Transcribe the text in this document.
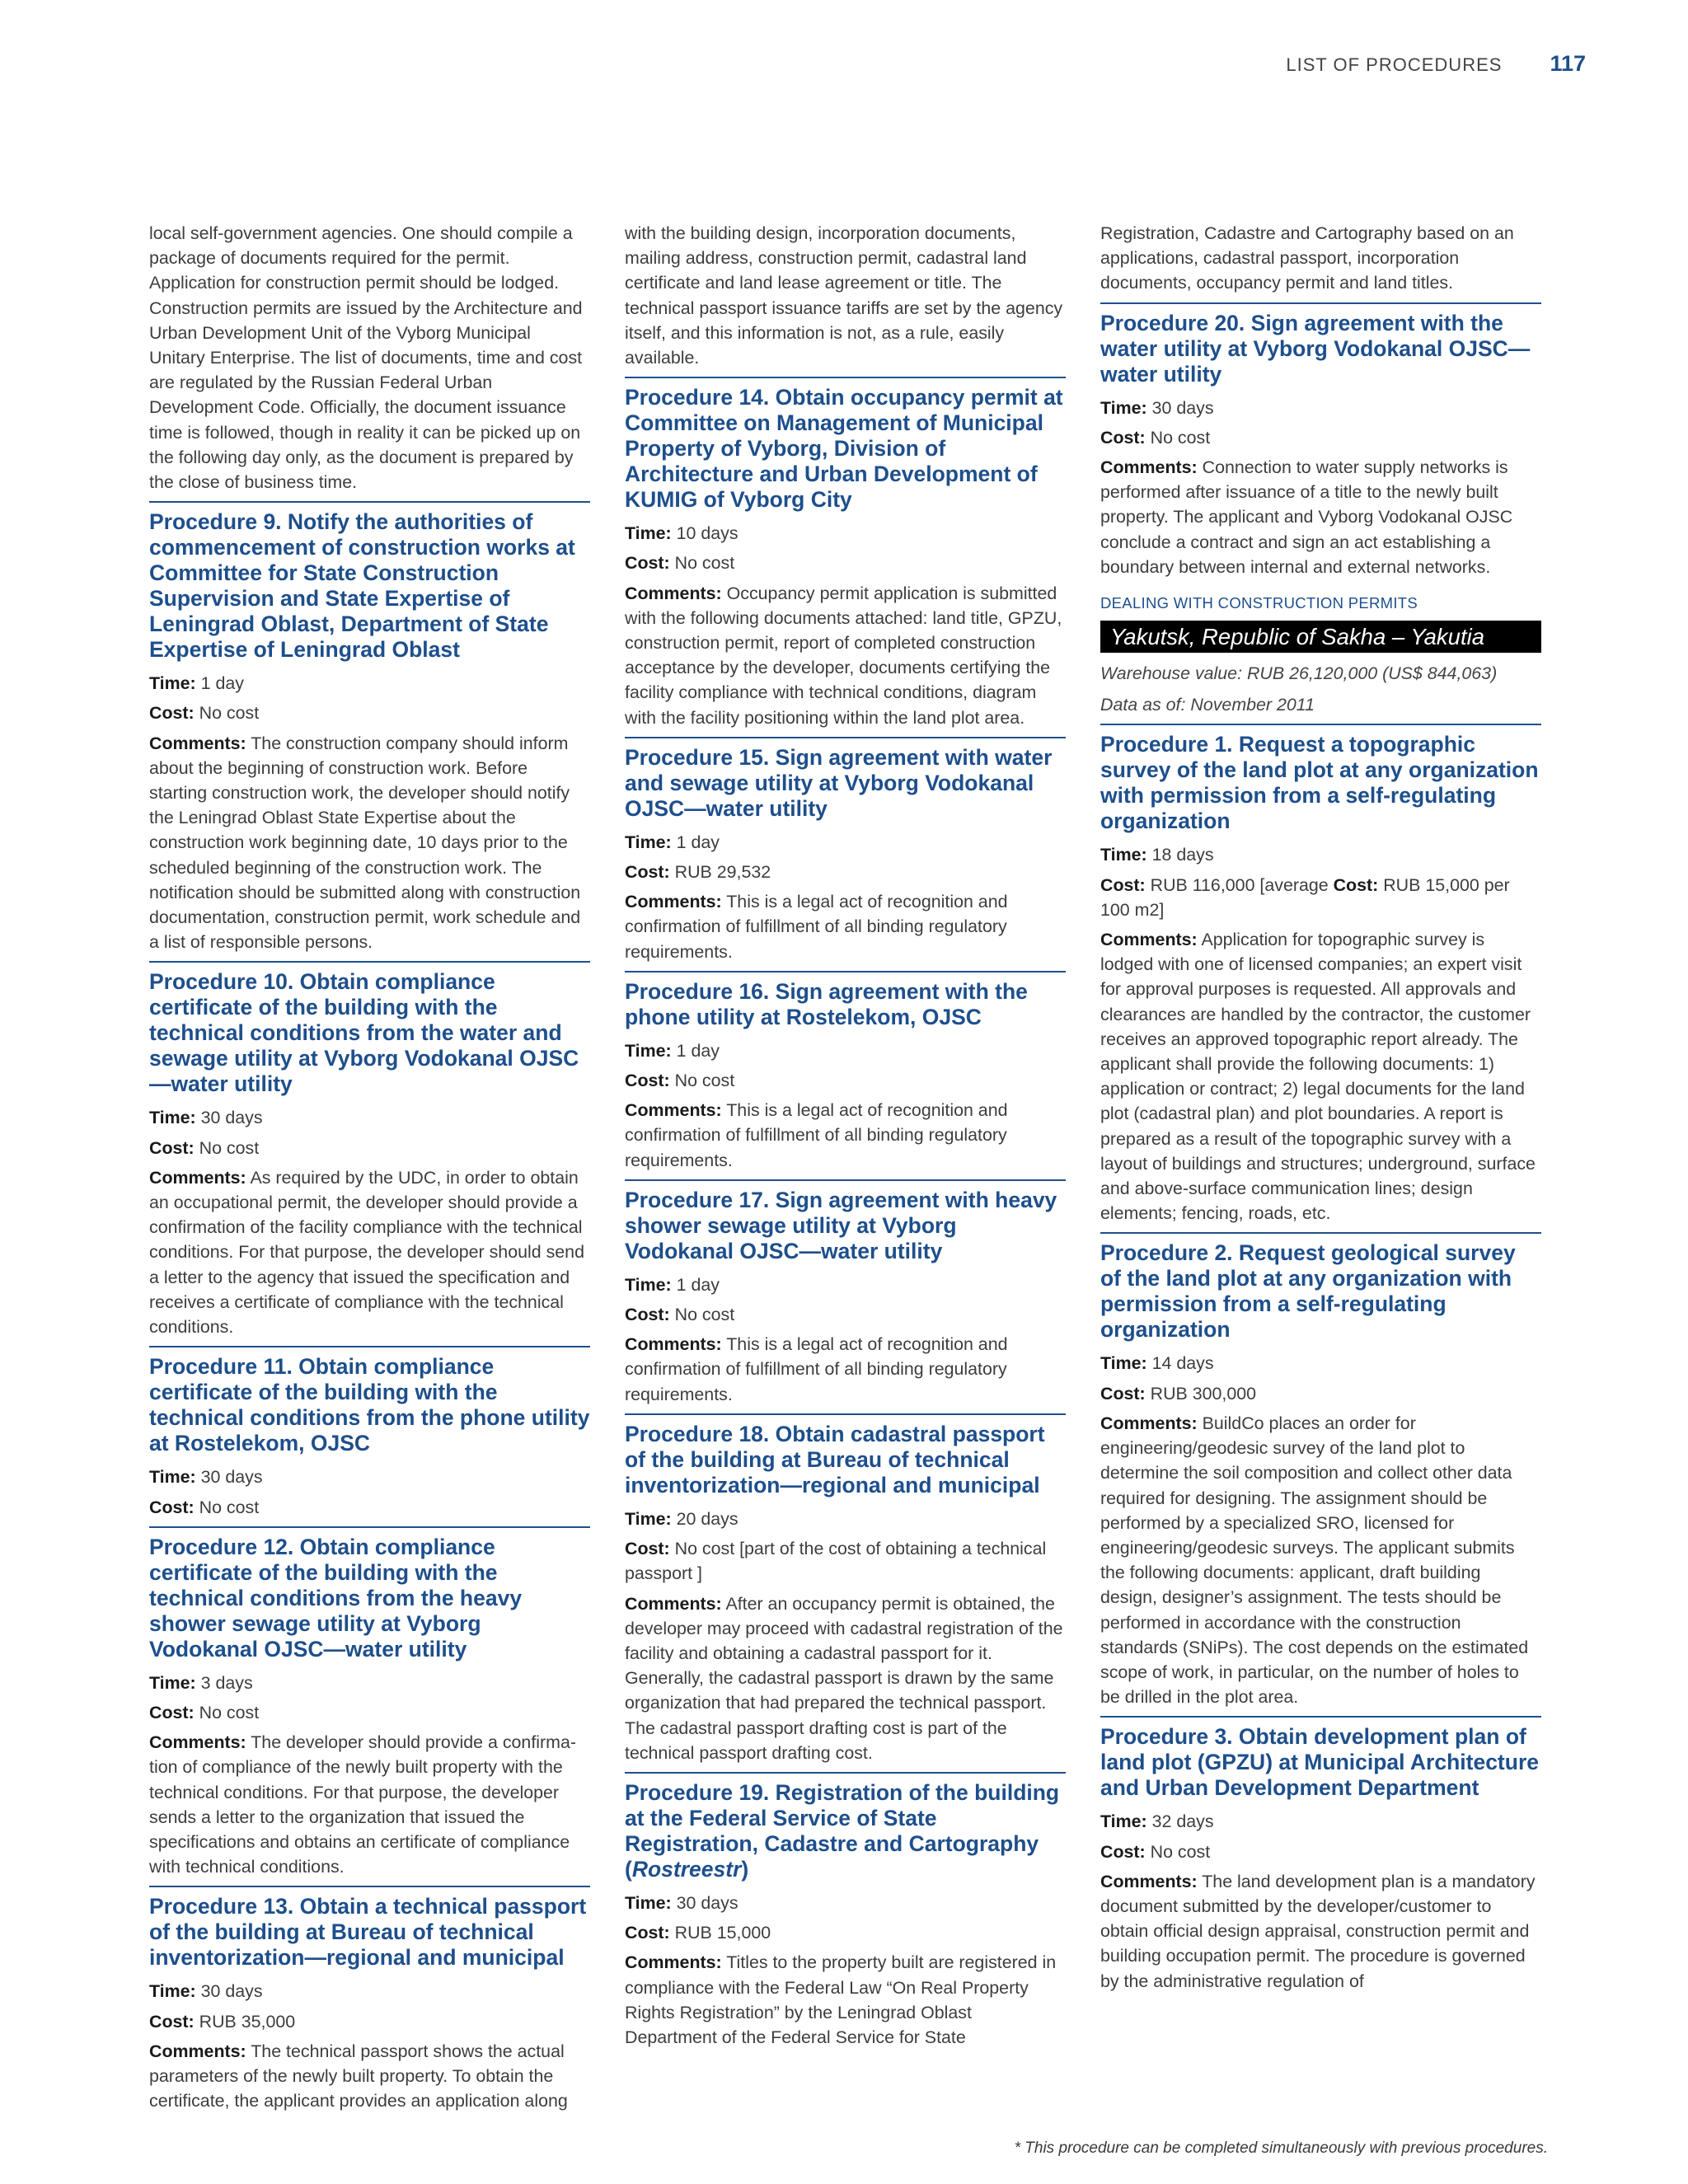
LIST OF PROCEDURES 117

local self-government agencies. One should compile a package of documents required for the permit. Application for construction permit should be lodged. Construction permits are issued by the Architecture and Urban Development Unit of the Vyborg Municipal Unitary Enterprise. The list of documents, time and cost are regulated by the Russian Federal Urban Development Code. Officially, the document issuance time is followed, though in reality it can be picked up on the following day only, as the document is prepared by the close of business time.

Procedure 9. Notify the authorities of commencement of construction works at Committee for State Construction Supervision and State Expertise of Leningrad Oblast, Department of State Expertise of Leningrad Oblast

Time: 1 day

Cost: No cost

Comments: The construction company should inform about the beginning of construction work. Before starting construction work, the developer should notify the Leningrad Oblast State Expertise about the construction work beginning date, 10 days prior to the scheduled beginning of the construction work. The notification should be submitted along with construction documentation, construction permit, work schedule and a list of responsible persons.

Procedure 10. Obtain compliance certificate of the building with the technical conditions from the water and sewage utility at Vyborg Vodokanal OJSC—water utility

Time: 30 days

Cost: No cost

Comments: As required by the UDC, in order to obtain an occupational permit, the developer should provide a confirmation of the facility compliance with the technical conditions. For that purpose, the developer should send a letter to the agency that issued the specification and receives a certificate of compliance with the technical conditions.

Procedure 11. Obtain compliance certificate of the building with the technical conditions from the phone utility at Rostelekom, OJSC

Time: 30 days

Cost: No cost

Procedure 12. Obtain compliance certificate of the building with the technical conditions from the heavy shower sewage utility at Vyborg Vodokanal OJSC—water utility

Time: 3 days

Cost: No cost

Comments: The developer should provide a confirmation of compliance of the newly built property with the technical conditions. For that purpose, the developer sends a letter to the organization that issued the specifications and obtains an certificate of compliance with technical conditions.

Procedure 13. Obtain a technical passport of the building at Bureau of technical inventorization—regional and municipal

Time: 30 days

Cost: RUB 35,000

Comments: The technical passport shows the actual parameters of the newly built property. To obtain the certificate, the applicant provides an application along

with the building design, incorporation documents, mailing address, construction permit, cadastral land certificate and land lease agreement or title. The technical passport issuance tariffs are set by the agency itself, and this information is not, as a rule, easily available.

Procedure 14. Obtain occupancy permit at Committee on Management of Municipal Property of Vyborg, Division of Architecture and Urban Development of KUMIG of Vyborg City

Time: 10 days

Cost: No cost

Comments: Occupancy permit application is submitted with the following documents attached: land title, GPZU, construction permit, report of completed construction acceptance by the developer, documents certifying the facility compliance with technical conditions, diagram with the facility positioning within the land plot area.

Procedure 15. Sign agreement with water and sewage utility at Vyborg Vodokanal OJSC—water utility

Time: 1 day

Cost: RUB 29,532

Comments: This is a legal act of recognition and confirmation of fulfillment of all binding regulatory requirements.

Procedure 16. Sign agreement with the phone utility at Rostelekom, OJSC

Time: 1 day

Cost: No cost

Comments: This is a legal act of recognition and confirmation of fulfillment of all binding regulatory requirements.

Procedure 17. Sign agreement with heavy shower sewage utility at Vyborg Vodokanal OJSC—water utility

Time: 1 day

Cost: No cost

Comments: This is a legal act of recognition and confirmation of fulfillment of all binding regulatory requirements.

Procedure 18. Obtain cadastral passport of the building at Bureau of technical inventorization—regional and municipal

Time: 20 days

Cost: No cost [part of the cost of obtaining a technical passport ]

Comments: After an occupancy permit is obtained, the developer may proceed with cadastral registration of the facility and obtaining a cadastral passport for it. Generally, the cadastral passport is drawn by the same organization that had prepared the technical passport. The cadastral passport drafting cost is part of the technical passport drafting cost.

Procedure 19. Registration of the building at the Federal Service of State Registration, Cadastre and Cartography (Rostreestr)

Time: 30 days

Cost: RUB 15,000

Comments: Titles to the property built are registered in compliance with the Federal Law “On Real Property Rights Registration” by the Leningrad Oblast Department of the Federal Service for State

Registration, Cadastre and Cartography based on an applications, cadastral passport, incorporation documents, occupancy permit and land titles.

Procedure 20. Sign agreement with the water utility at Vyborg Vodokanal OJSC—water utility

Time: 30 days

Cost: No cost

Comments: Connection to water supply networks is performed after issuance of a title to the newly built property. The applicant and Vyborg Vodokanal OJSC conclude a contract and sign an act establishing a boundary between internal and external networks.

DEALING WITH CONSTRUCTION PERMITS

Yakutsk, Republic of Sakha – Yakutia

Warehouse value: RUB 26,120,000 (US$ 844,063)

Data as of: November 2011

Procedure 1. Request a topographic survey of the land plot at any organization with permission from a self-regulating organization

Time: 18 days

Cost: RUB 116,000 [average Cost: RUB 15,000 per 100 m2]

Comments: Application for topographic survey is lodged with one of licensed companies; an expert visit for approval purposes is requested. All approvals and clearances are handled by the contractor, the customer receives an approved topographic report already. The applicant shall provide the following documents: 1) application or contract; 2) legal documents for the land plot (cadastral plan) and plot boundaries. A report is prepared as a result of the topographic survey with a layout of buildings and structures; underground, surface and above-surface communication lines; design elements; fencing, roads, etc.

Procedure 2. Request geological survey of the land plot at any organization with permission from a self-regulating organization

Time: 14 days

Cost: RUB 300,000

Comments: BuildCo places an order for engineering/geodesic survey of the land plot to determine the soil composition and collect other data required for designing. The assignment should be performed by a specialized SRO, licensed for engineering/geodesic surveys. The applicant submits the following documents: applicant, draft building design, designer’s assignment. The tests should be performed in accordance with the construction standards (SNiPs). The cost depends on the estimated scope of work, in particular, on the number of holes to be drilled in the plot area.

Procedure 3. Obtain development plan of land plot (GPZU) at Municipal Architecture and Urban Development Department

Time: 32 days

Cost: No cost

Comments: The land development plan is a mandatory document submitted by the developer/customer to obtain official design appraisal, construction permit and building occupation permit. The procedure is governed by the administrative regulation of

* This procedure can be completed simultaneously with previous procedures.
